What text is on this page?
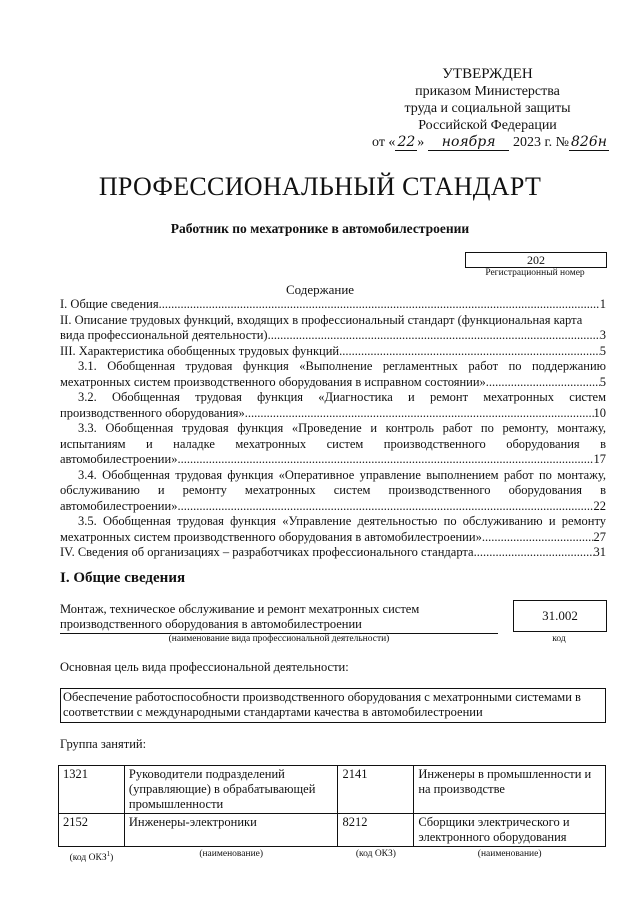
УТВЕРЖДЕН
приказом Министерства
труда и социальной защиты
Российской Федерации
от « 22 » ноября 2023 г. № 826н
ПРОФЕССИОНАЛЬНЫЙ СТАНДАРТ
Работник по мехатронике в автомобилестроении
202
Регистрационный номер
Содержание
I. Общие сведения .....	1
II. Описание трудовых функций, входящих в профессиональный стандарт (функциональная карта
вида профессиональной деятельности) .....	3
III. Характеристика обобщенных трудовых функций .....	5
3.1. Обобщенная трудовая функция «Выполнение регламентных работ по поддержанию
мехатронных систем производственного оборудования в исправном состоянии» .....	5
3.2. Обобщенная трудовая функция «Диагностика и ремонт мехатронных систем
производственного оборудования» .....	10
3.3. Обобщенная трудовая функция «Проведение и контроль работ по ремонту, монтажу,
испытаниям и наладке мехатронных систем производственного оборудования в
автомобилестроении» .....	17
3.4. Обобщенная трудовая функция «Оперативное управление выполнением работ по монтажу,
обслуживанию и ремонту мехатронных систем производственного оборудования в
автомобилестроении» .....	22
3.5. Обобщенная трудовая функция «Управление деятельностью по обслуживанию и ремонту
мехатронных систем производственного оборудования в автомобилестроении» .....	27
IV. Сведения об организациях – разработчиках профессионального стандарта .....	31
I. Общие сведения
Монтаж, техническое обслуживание и ремонт мехатронных систем
производственного оборудования в автомобилестроении
(наименование вида профессиональной деятельности)
31.002
код
Основная цель вида профессиональной деятельности:
Обеспечение работоспособности производственного оборудования с мехатронными системами в
соответствии с международными стандартами качества в автомобилестроении
Группа занятий:
1321	Руководители подразделений (управляющие) в обрабатывающей промышленности	2141	Инженеры в промышленности и на производстве
2152	Инженеры-электроники	8212	Сборщики электрического и электронного оборудования
(код ОКЗ$^1$)	(наименование)	(код ОКЗ)	(наименование)
